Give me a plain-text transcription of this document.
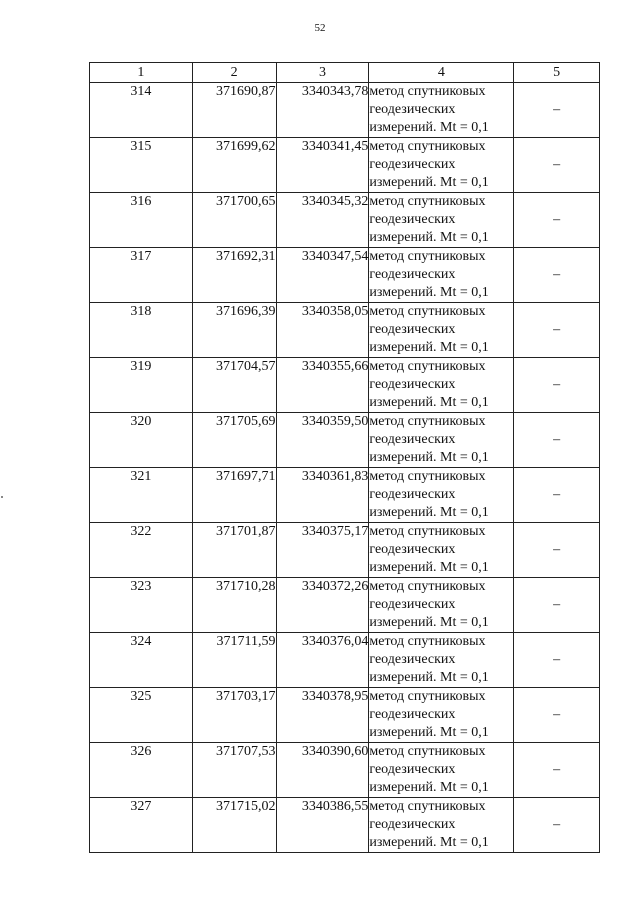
52
1	2	3	4	5
314	371690,87	3340343,78	метод спутниковых
геодезических
измерений. Mt = 0,1	–
315	371699,62	3340341,45	метод спутниковых
геодезических
измерений. Mt = 0,1	–
316	371700,65	3340345,32	метод спутниковых
геодезических
измерений. Mt = 0,1	–
317	371692,31	3340347,54	метод спутниковых
геодезических
измерений. Mt = 0,1	–
318	371696,39	3340358,05	метод спутниковых
геодезических
измерений. Mt = 0,1	–
319	371704,57	3340355,66	метод спутниковых
геодезических
измерений. Mt = 0,1	–
320	371705,69	3340359,50	метод спутниковых
геодезических
измерений. Mt = 0,1	–
321	371697,71	3340361,83	метод спутниковых
геодезических
измерений. Mt = 0,1	–
322	371701,87	3340375,17	метод спутниковых
геодезических
измерений. Mt = 0,1	–
323	371710,28	3340372,26	метод спутниковых
геодезических
измерений. Mt = 0,1	–
324	371711,59	3340376,04	метод спутниковых
геодезических
измерений. Mt = 0,1	–
325	371703,17	3340378,95	метод спутниковых
геодезических
измерений. Mt = 0,1	–
326	371707,53	3340390,60	метод спутниковых
геодезических
измерений. Mt = 0,1	–
327	371715,02	3340386,55	метод спутниковых
геодезических
измерений. Mt = 0,1	–
